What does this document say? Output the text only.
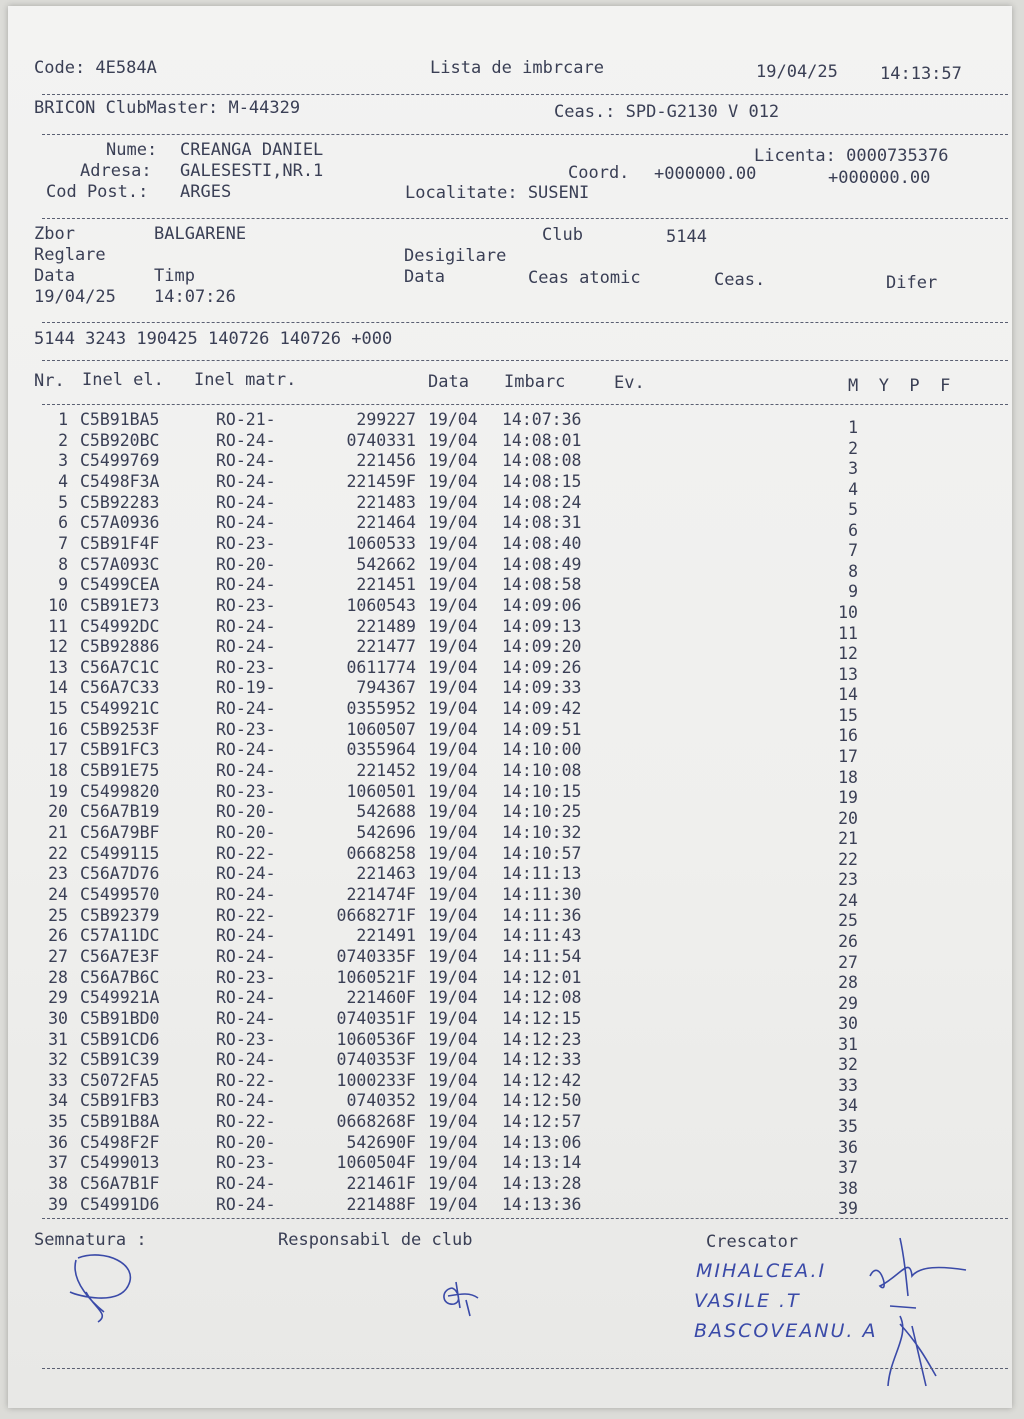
Code: 4E584A	Lista de imbrcare	19/04/25 14:13:57
BRICON ClubMaster: M-44329	Ceas.: SPD-G2130 V 012
Nume: CREANGA DANIEL	Licenta: 0000735376
Adresa: GALESESTI,NR.1	Coord. +000000.00	+000000.00
Cod Post.: ARGES	Localitate: SUSENI
Zbor	BALGARENE	Club	5144
Reglare	Desigilare
Data	Timp	Data	Ceas atomic	Ceas.	Difer
19/04/25 14:07:26
5144 3243 190425 140726 140726 +000
Nr. Inel el. Inel matr.	Data Imbarc	Ev.	M  Y  P  F
1 C5B91BA5	RO-21-	299227 19/04 14:07:36	1
2 C5B920BC	RO-24-	0740331 19/04 14:08:01	2
3 C5499769	RO-24-	221456 19/04 14:08:08	3
4 C5498F3A	RO-24-	221459F 19/04 14:08:15	4
5 C5B92283	RO-24-	221483 19/04 14:08:24	5
6 C57A0936	RO-24-	221464 19/04 14:08:31	6
7 C5B91F4F	RO-23-	1060533 19/04 14:08:40	7
8 C57A093C	RO-20-	542662 19/04 14:08:49	8
9 C5499CEA	RO-24-	221451 19/04 14:08:58	9
10 C5B91E73	RO-23-	1060543 19/04 14:09:06	10
11 C54992DC	RO-24-	221489 19/04 14:09:13	11
12 C5B92886	RO-24-	221477 19/04 14:09:20	12
13 C56A7C1C	RO-23-	0611774 19/04 14:09:26	13
14 C56A7C33	RO-19-	794367 19/04 14:09:33	14
15 C549921C	RO-24-	0355952 19/04 14:09:42	15
16 C5B9253F	RO-23-	1060507 19/04 14:09:51	16
17 C5B91FC3	RO-24-	0355964 19/04 14:10:00	17
18 C5B91E75	RO-24-	221452 19/04 14:10:08	18
19 C5499820	RO-23-	1060501 19/04 14:10:15	19
20 C56A7B19	RO-20-	542688 19/04 14:10:25	20
21 C56A79BF	RO-20-	542696 19/04 14:10:32	21
22 C5499115	RO-22-	0668258 19/04 14:10:57	22
23 C56A7D76	RO-24-	221463 19/04 14:11:13	23
24 C5499570	RO-24-	221474F 19/04 14:11:30	24
25 C5B92379	RO-22-	0668271F 19/04 14:11:36	25
26 C57A11DC	RO-24-	221491 19/04 14:11:43	26
27 C56A7E3F	RO-24-	0740335F 19/04 14:11:54	27
28 C56A7B6C	RO-23-	1060521F 19/04 14:12:01	28
29 C549921A	RO-24-	221460F 19/04 14:12:08	29
30 C5B91BD0	RO-24-	0740351F 19/04 14:12:15	30
31 C5B91CD6	RO-23-	1060536F 19/04 14:12:23	31
32 C5B91C39	RO-24-	0740353F 19/04 14:12:33	32
33 C5072FA5	RO-22-	1000233F 19/04 14:12:42	33
34 C5B91FB3	RO-24-	0740352 19/04 14:12:50	34
35 C5B91B8A	RO-22-	0668268F 19/04 14:12:57	35
36 C5498F2F	RO-20-	542690F 19/04 14:13:06	36
37 C5499013	RO-23-	1060504F 19/04 14:13:14	37
38 C56A7B1F	RO-24-	221461F 19/04 14:13:28	38
39 C54991D6	RO-24-	221488F 19/04 14:13:36	39
Semnatura :	Responsabil de club	Crescator
MIHALCEA.I
VASILE .T
BASCOVEANU. A
